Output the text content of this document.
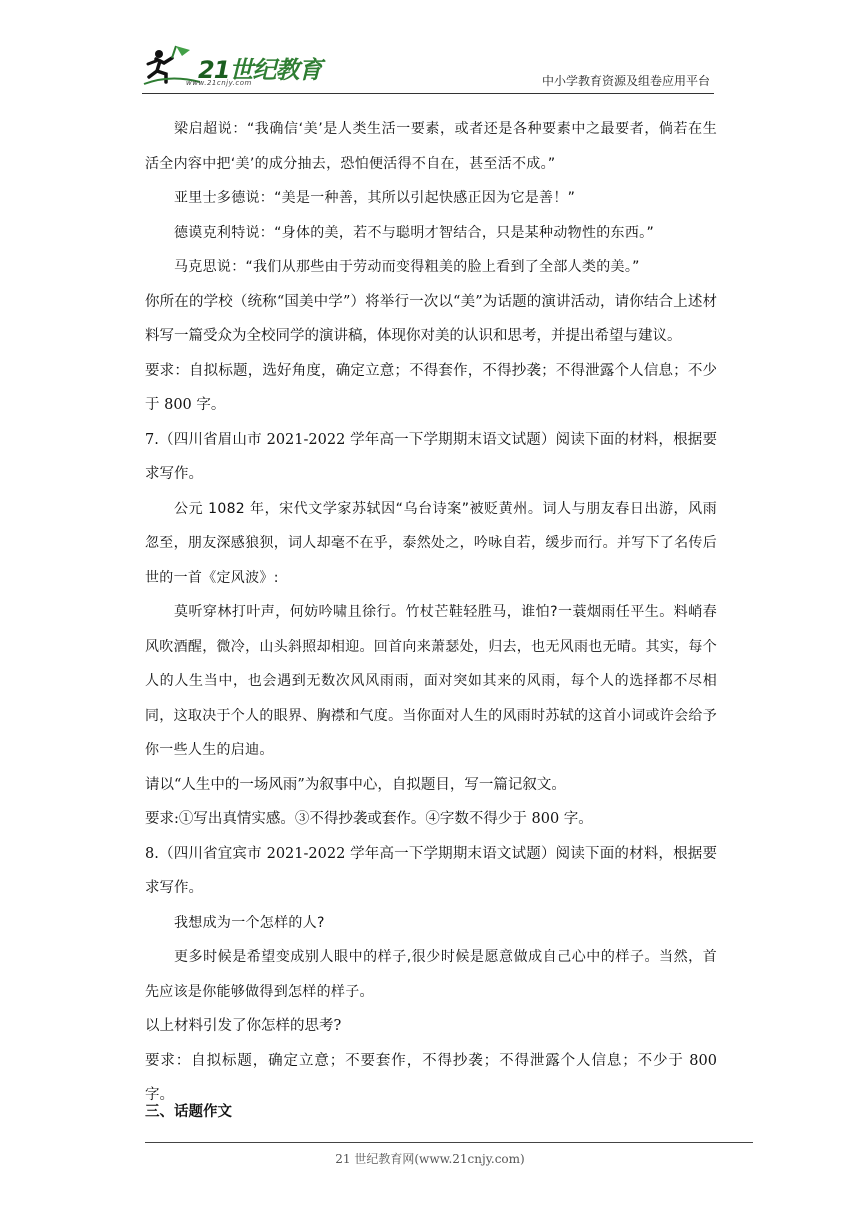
21世纪教育
www.21cnjy.com	中小学教育资源及组卷应用平台

梁启超说：“我确信‘美’是人类生活一要素，或者还是各种要素中之最要者，倘若在生活全内容中把‘美’的成分抽去，恐怕便活得不自在，甚至活不成。”

亚里士多德说：“美是一种善，其所以引起快感正因为它是善！”

德谟克利特说：“身体的美，若不与聪明才智结合，只是某种动物性的东西。”

马克思说：“我们从那些由于劳动而变得粗美的脸上看到了全部人类的美。”

你所在的学校（统称“国美中学”）将举行一次以“美”为话题的演讲活动，请你结合上述材料写一篇受众为全校同学的演讲稿，体现你对美的认识和思考，并提出希望与建议。

要求：自拟标题，选好角度，确定立意；不得套作，不得抄袭；不得泄露个人信息；不少于 800 字。

7.（四川省眉山市 2021-2022 学年高一下学期期末语文试题）阅读下面的材料，根据要求写作。

公元 1082 年，宋代文学家苏轼因“乌台诗案”被贬黄州。词人与朋友春日出游，风雨忽至，朋友深感狼狈，词人却毫不在乎，泰然处之，吟咏自若，缓步而行。并写下了名传后世的一首《定风波》:

莫听穿林打叶声，何妨吟啸且徐行。竹杖芒鞋轻胜马，谁怕?一蓑烟雨任平生。料峭春风吹酒醒，微冷，山头斜照却相迎。回首向来萧瑟处，归去，也无风雨也无晴。其实，每个人的人生当中，也会遇到无数次风风雨雨，面对突如其来的风雨，每个人的选择都不尽相同，这取决于个人的眼界、胸襟和气度。当你面对人生的风雨时苏轼的这首小词或许会给予你一些人生的启迪。

请以“人生中的一场风雨”为叙事中心，自拟题目，写一篇记叙文。

要求:①写出真情实感。③不得抄袭或套作。④字数不得少于 800 字。

8.（四川省宜宾市 2021-2022 学年高一下学期期末语文试题）阅读下面的材料，根据要求写作。

我想成为一个怎样的人?

更多时候是希望变成别人眼中的样子,很少时候是愿意做成自己心中的样子。当然，首先应该是你能够做得到怎样的样子。

以上材料引发了你怎样的思考?

要求：自拟标题，确定立意；不要套作，不得抄袭；不得泄露个人信息；不少于 800 字。

三、话题作文
21 世纪教育网(www.21cnjy.com)
